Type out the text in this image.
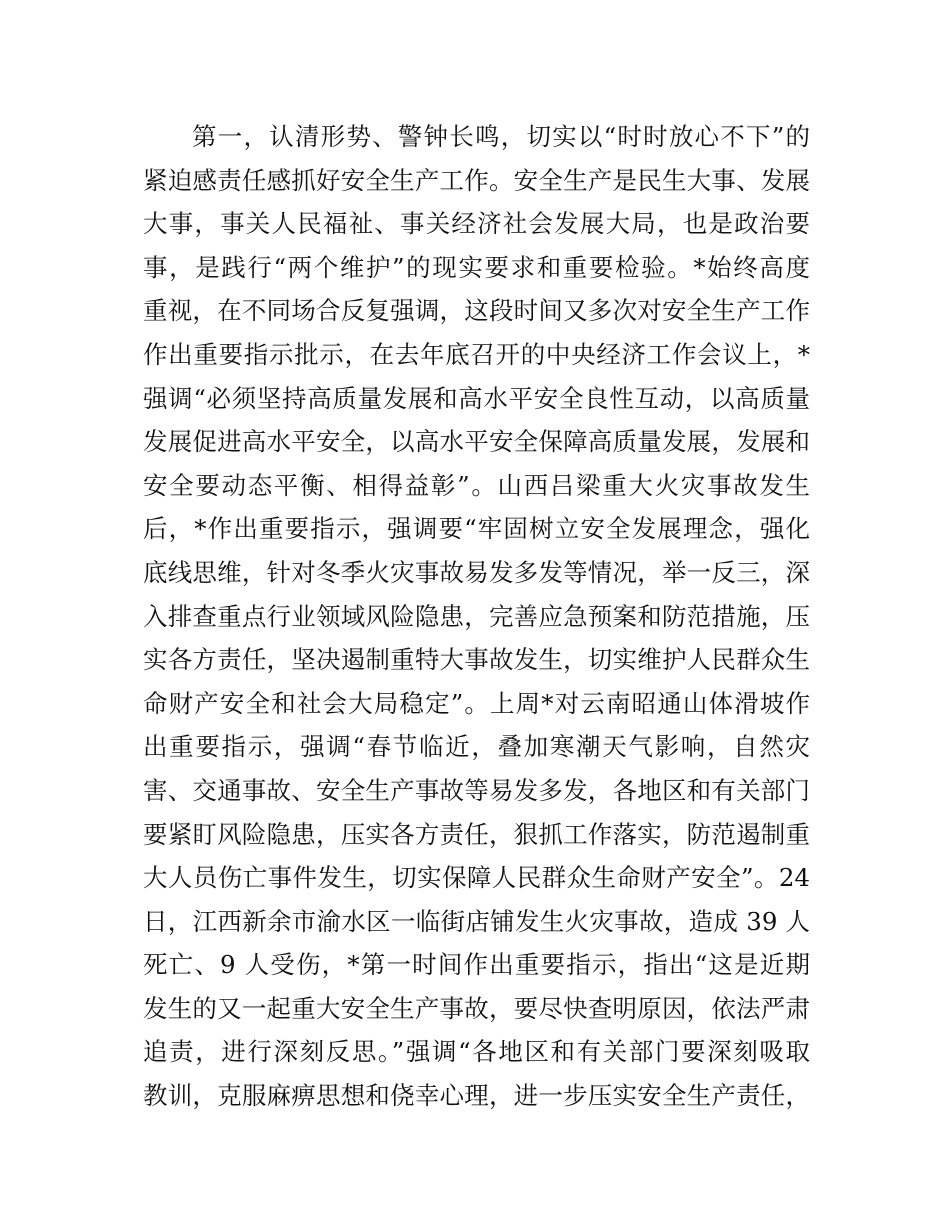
第一，认清形势、警钟长鸣，切实以“时时放心不下”的
紧迫感责任感抓好安全生产工作。安全生产是民生大事、发展
大事，事关人民福祉、事关经济社会发展大局，也是政治要
事，是践行“两个维护”的现实要求和重要检验。*始终高度
重视，在不同场合反复强调，这段时间又多次对安全生产工作
作出重要指示批示，在去年底召开的中央经济工作会议上，*
强调“必须坚持高质量发展和高水平安全良性互动，以高质量
发展促进高水平安全，以高水平安全保障高质量发展，发展和
安全要动态平衡、相得益彰”。山西吕梁重大火灾事故发生
后，*作出重要指示，强调要“牢固树立安全发展理念，强化
底线思维，针对冬季火灾事故易发多发等情况，举一反三，深
入排查重点行业领域风险隐患，完善应急预案和防范措施，压
实各方责任，坚决遏制重特大事故发生，切实维护人民群众生
命财产安全和社会大局稳定”。上周*对云南昭通山体滑坡作
出重要指示，强调“春节临近，叠加寒潮天气影响，自然灾
害、交通事故、安全生产事故等易发多发，各地区和有关部门
要紧盯风险隐患，压实各方责任，狠抓工作落实，防范遏制重
大人员伤亡事件发生，切实保障人民群众生命财产安全”。24
日，江西新余市渝水区一临街店铺发生火灾事故，造成 39 人
死亡、9 人受伤，*第一时间作出重要指示，指出“这是近期
发生的又一起重大安全生产事故，要尽快查明原因，依法严肃
追责，进行深刻反思。”强调“各地区和有关部门要深刻吸取
教训，克服麻痹思想和侥幸心理，进一步压实安全生产责任，
